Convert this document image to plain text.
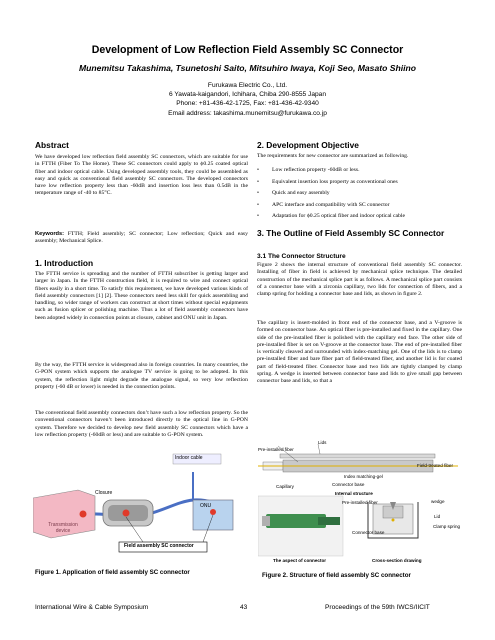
Development of Low Reflection Field Assembly SC Connector
Munemitsu Takashima, Tsunetoshi Saito, Mitsuhiro Iwaya, Koji Seo, Masato Shiino
Furukawa Electric Co., Ltd.
6 Yawata-kaigandori, Ichihara, Chiba 290-8555 Japan
Phone: +81-436-42-1725, Fax: +81-436-42-9340
Email address: takashima.munemitsu@furukawa.co.jp
Abstract
We have developed low reflection field assembly SC connectors, which are suitable for use in FTTH (Fiber To The Home). These SC connectors could apply to ϕ0.25 coated optical fiber and indoor optical cable. Using developed assembly tools, they could be assembled as easy and quick as conventional field assembly SC connectors. The developed connectors have low reflection property less than -60dB and insertion loss less than 0.5dB in the temperature range of -40 to 85°C.
Keywords: FTTH; Field assembly; SC connector; Low reflection; Quick and easy assembly; Mechanical Splice.
1. Introduction
The FTTH service is spreading and the number of FTTH subscriber is getting larger and larger in Japan. In the FTTH construction field, it is required to wire and connect optical fibers easily in a short time. To satisfy this requirement, we have developed various kinds of field assembly connectors [1] [2]. These connectors need less skill for quick assembling and handling, so wider range of workers can construct at short times without special equipments such as fusion splicer or polishing machine. Thus a lot of field assembly connectors have been adopted widely in connection points at closure, cabinet and ONU unit in Japan.
By the way, the FTTH service is widespread also in foreign countries. In many countries, the G-PON system which supports the analogue TV service is going to be adopted. In this system, the reflection light might degrade the analogue signal, so very low reflection property (-60 dB or lower) is needed in the connection points.
The conventional field assembly connectors don’t have such a low reflection property. So the conventional connectors haven’t been introduced directly to the optical line in G-PON system. Therefore we decided to develop new field assembly SC connectors which have a low reflection property (-60dB or less) and are suitable to G-PON system.
Indoor cable
Closure
ONU
Transmission device
Field assembly SC connector
Figure 1. Application of field assembly SC connector
2. Development Objective
The requirements for new connector are summarized as following.
• Low reflection property -60dB or less.
• Equivalent insertion loss property as conventional ones
• Quick and easy assembly
• APC interface and compatibility with SC connector
• Adaptation for ϕ0.25 optical fiber and indoor optical cable
3. The Outline of Field Assembly SC Connector
3.1 The Connector Structure
Figure 2 shows the internal structure of conventional field assembly SC connector. Installing of fiber in field is achieved by mechanical splice technique. The detailed construction of the mechanical splice part is as follows. A mechanical splice part consists of a connector base with a zirconia capillary, two lids for connection of fibers, and a clamp spring for holding a connector base and lids, as shown in figure 2.
The capillary is insert-molded in front end of the connector base, and a V-groove is formed on connector base. An optical fiber is pre-installed and fixed in the capillary. One side of the pre-installed fiber is polished with the capillary end face. The other side of pre-installed fiber is set on V-groove at the connector base. The end of pre-installed fiber is vertically cleaved and surrounded with index-matching gel. One of the lids is to clamp pre-installed fiber and bare fiber part of field-treated fiber, and another lid is for coated part of field-treated fiber. Connector base and two lids are tightly clamped by clamp spring. A wedge is inserted between connector base and lids to give small gap between connector base and lids, so that a
Lids
Pre-installed fiber
Field-treated fiber
Index matching-gel
Capillary	Connector base
Internal structure
Pre-installed fiber	wedge
Lid
Clamp spring
Connector base
The aspect of connector	Cross-section drawing
Figure 2. Structure of field assembly SC connector
International Wire & Cable Symposium	43	Proceedings of the 59th IWCS/IICIT
